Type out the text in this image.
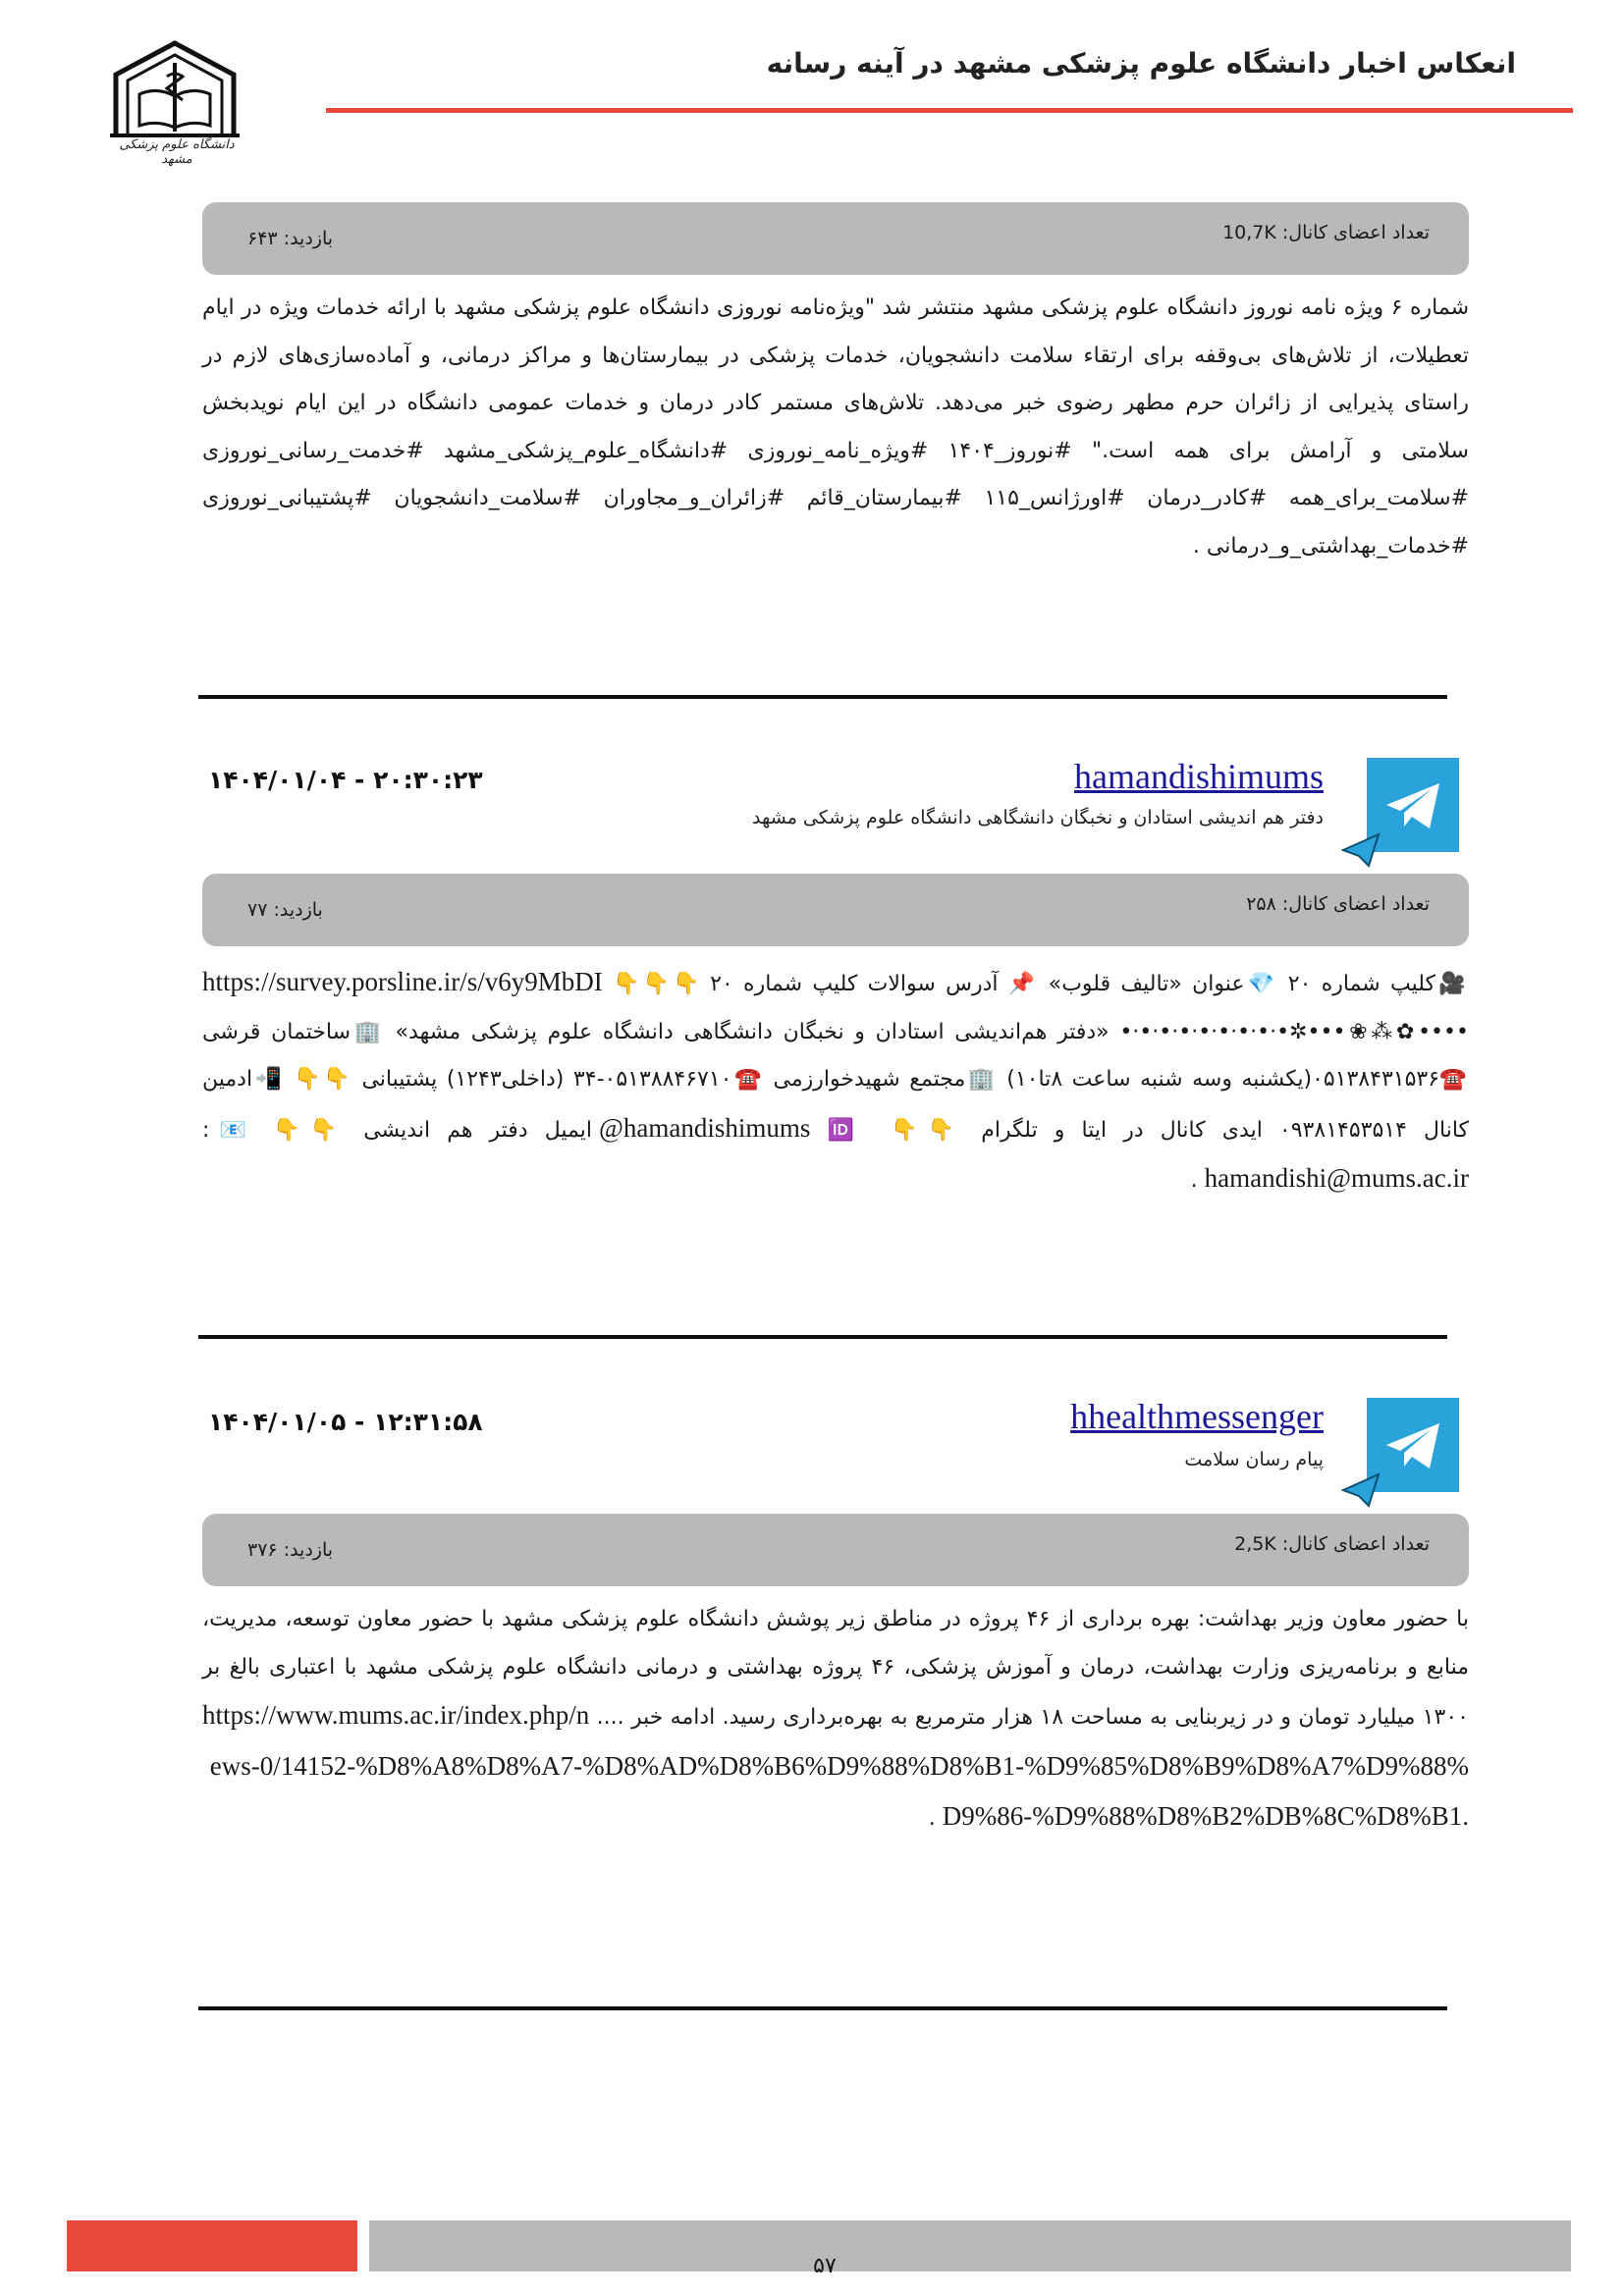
دانشگاه علوم پزشکی مشهد
انعکاس اخبار دانشگاه علوم پزشکی مشهد در آینه رسانه
تعداد اعضای کانال: 10,7K
بازدید: ۶۴۳
شماره ۶ ویژه نامه نوروز دانشگاه علوم پزشکی مشهد منتشر شد "ویژه‌نامه نوروزی دانشگاه علوم پزشکی مشهد با ارائه خدمات ویژه در ایام تعطیلات، از تلاش‌های بی‌وقفه برای ارتقاء سلامت دانشجویان، خدمات پزشکی در بیمارستان‌ها و مراکز درمانی، و آماده‌سازی‌های لازم در راستای پذیرایی از زائران حرم مطهر رضوی خبر می‌دهد. تلاش‌های مستمر کادر درمان و خدمات عمومی دانشگاه در این ایام نویدبخش سلامتی و آرامش برای همه است." #نوروز_۱۴۰۴ #ویژه_نامه_نوروزی #دانشگاه_علوم_پزشکی_مشهد #خدمت_رسانی_نوروزی #سلامت_برای_همه #کادر_درمان #اورژانس_۱۱۵ #بیمارستان_قائم #زائران_و_مجاوران #سلامت_دانشجویان #پشتیبانی_نوروزی #خدمات_بهداشتی_و_درمانی .
hamandishimums
دفتر هم اندیشی استادان و نخبگان دانشگاهی دانشگاه علوم پزشکی مشهد
۱۴۰۴/۰۱/۰۴ - ۲۰:۳۰:۲۳
تعداد اعضای کانال: ۲۵۸
بازدید: ۷۷
🎥کلیپ شماره ۲۰ 💎عنوان «تالیف قلوب» 📌 آدرس سوالات کلیپ شماره ۲۰ 👇👇👇 https://survey.porsline.ir/s/v6y9MbDI ••••✿⁂❀•••✲•·•·•·•·•·•·•·•·• «دفتر هم‌اندیشی استادان و نخبگان دانشگاهی دانشگاه علوم پزشکی مشهد» 🏢ساختمان قرشی ☎️۰۵۱۳۸۴۳۱۵۳۶(یکشنبه وسه شنبه ساعت ۸تا۱۰) 🏢مجتمع شهیدخوارزمی ☎️۰۵۱۳۸۸۴۶۷۱۰-۳۴ (داخلی۱۲۴۳) پشتیبانی 👇👇 📲ادمین کانال ۰۹۳۸۱۴۵۳۵۱۴ ایدی کانال در ایتا و تلگرام 👇👇 @hamandishimums 🆔 ایمیل دفتر هم اندیشی 👇👇 📧: hamandishi@mums.ac.ir .
hhealthmessenger
پیام رسان سلامت
۱۴۰۴/۰۱/۰۵ - ۱۲:۳۱:۵۸
تعداد اعضای کانال: 2,5K
بازدید: ۳۷۶
با حضور معاون وزیر بهداشت: بهره برداری از ۴۶ پروژه در مناطق زیر پوشش دانشگاه علوم پزشکی مشهد با حضور معاون توسعه، مدیریت، منابع و برنامه‌ریزی وزارت بهداشت، درمان و آموزش پزشکی، ۴۶ پروژه بهداشتی و درمانی دانشگاه علوم پزشکی مشهد با اعتباری بالغ بر ۱۳۰۰ میلیارد تومان و در زیربنایی به مساحت ۱۸ هزار مترمربع به بهره‌برداری رسید. ادامه خبر .... https://www.mums.ac.ir/index.php/news-0/14152-%D8%A8%D8%A7-%D8%AD%D8%B6%D9%88%D8%B1-%D9%85%D8%B9%D8%A7%D9%88%D9%86-%D9%88%D8%B2%DB%8C%D8%B1. .
۵۷
